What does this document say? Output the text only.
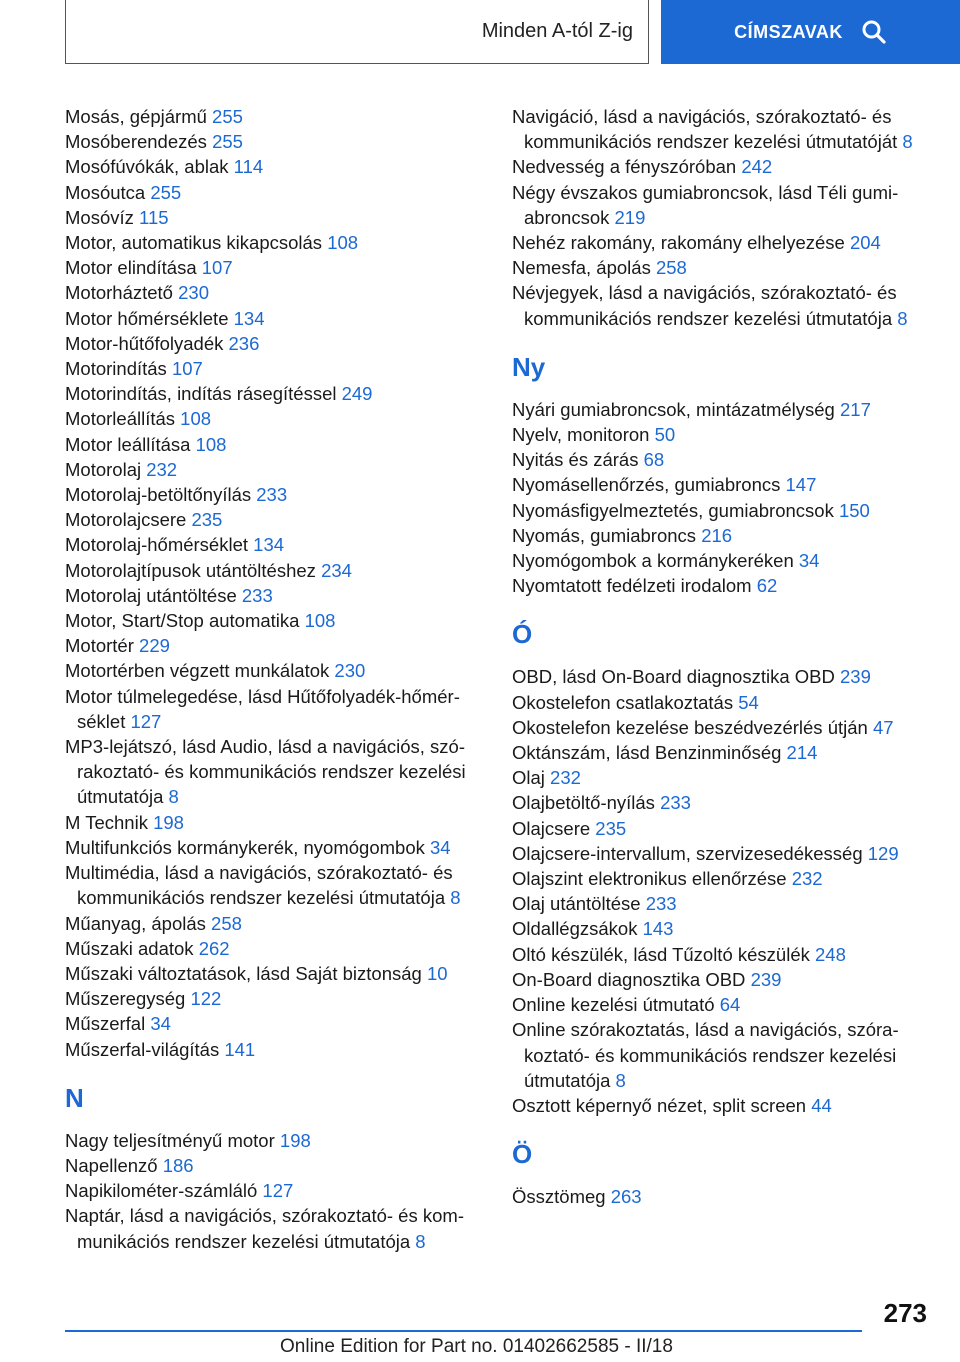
Minden A-tól Z-ig	CÍMSZAVAK

Mosás, gépjármű 255

Mosóberendezés 255

Mosófúvókák, ablak 114

Mosóutca 255

Mosóvíz 115

Motor, automatikus kikapcsolás 108

Motor elindítása 107

Motorháztető 230

Motor hőmérséklete 134

Motor-hűtőfolyadék 236

Motorindítás 107

Motorindítás, indítás rásegítéssel 249

Motorleállítás 108

Motor leállítása 108

Motorolaj 232

Motorolaj-betöltőnyílás 233

Motorolajcsere 235

Motorolaj-hőmérséklet 134

Motorolajtípusok utántöltéshez 234

Motorolaj utántöltése 233

Motor, Start/Stop automatika 108

Motortér 229

Motortérben végzett munkálatok 230

Motor túlmelegedése, lásd Hűtőfolyadék-hőmérséklet 127

MP3-lejátszó, lásd Audio, lásd a navigációs, szórakoztató- és kommunikációs rendszer kezelési útmutatója 8

M Technik 198

Multifunkciós kormánykerék, nyomógombok 34

Multimédia, lásd a navigációs, szórakoztató- és kommunikációs rendszer kezelési útmutatója 8

Műanyag, ápolás 258

Műszaki adatok 262

Műszaki változtatások, lásd Saját biztonság 10

Műszeregység 122

Műszerfal 34

Műszerfal-világítás 141

N

Nagy teljesítményű motor 198

Napellenző 186

Napikilométer-számláló 127

Naptár, lásd a navigációs, szórakoztató- és kommunikációs rendszer kezelési útmutatója 8

Navigáció, lásd a navigációs, szórakoztató- és kommunikációs rendszer kezelési útmutatóját 8

Nedvesség a fényszóróban 242

Négy évszakos gumiabroncsok, lásd Téli gumiabroncsok 219

Nehéz rakomány, rakomány elhelyezése 204

Nemesfa, ápolás 258

Névjegyek, lásd a navigációs, szórakoztató- és kommunikációs rendszer kezelési útmutatója 8

Ny

Nyári gumiabroncsok, mintázatmélység 217

Nyelv, monitoron 50

Nyitás és zárás 68

Nyomásellenőrzés, gumiabroncs 147

Nyomásfigyelmeztetés, gumiabroncsok 150

Nyomás, gumiabroncs 216

Nyomógombok a kormánykeréken 34

Nyomtatott fedélzeti irodalom 62

Ó

OBD, lásd On-Board diagnosztika OBD 239

Okostelefon csatlakoztatás 54

Okostelefon kezelése beszédvezérlés útján 47

Oktánszám, lásd Benzinminőség 214

Olaj 232

Olajbetöltő-nyílás 233

Olajcsere 235

Olajcsere-intervallum, szervizesedékesség 129

Olajszint elektronikus ellenőrzése 232

Olaj utántöltése 233

Oldallégzsákok 143

Oltó készülék, lásd Tűzoltó készülék 248

On-Board diagnosztika OBD 239

Online kezelési útmutató 64

Online szórakoztatás, lásd a navigációs, szórakoztató- és kommunikációs rendszer kezelési útmutatója 8

Osztott képernyő nézet, split screen 44

Ö

Össztömeg 263

273
Online Edition for Part no. 01402662585 - II/18
